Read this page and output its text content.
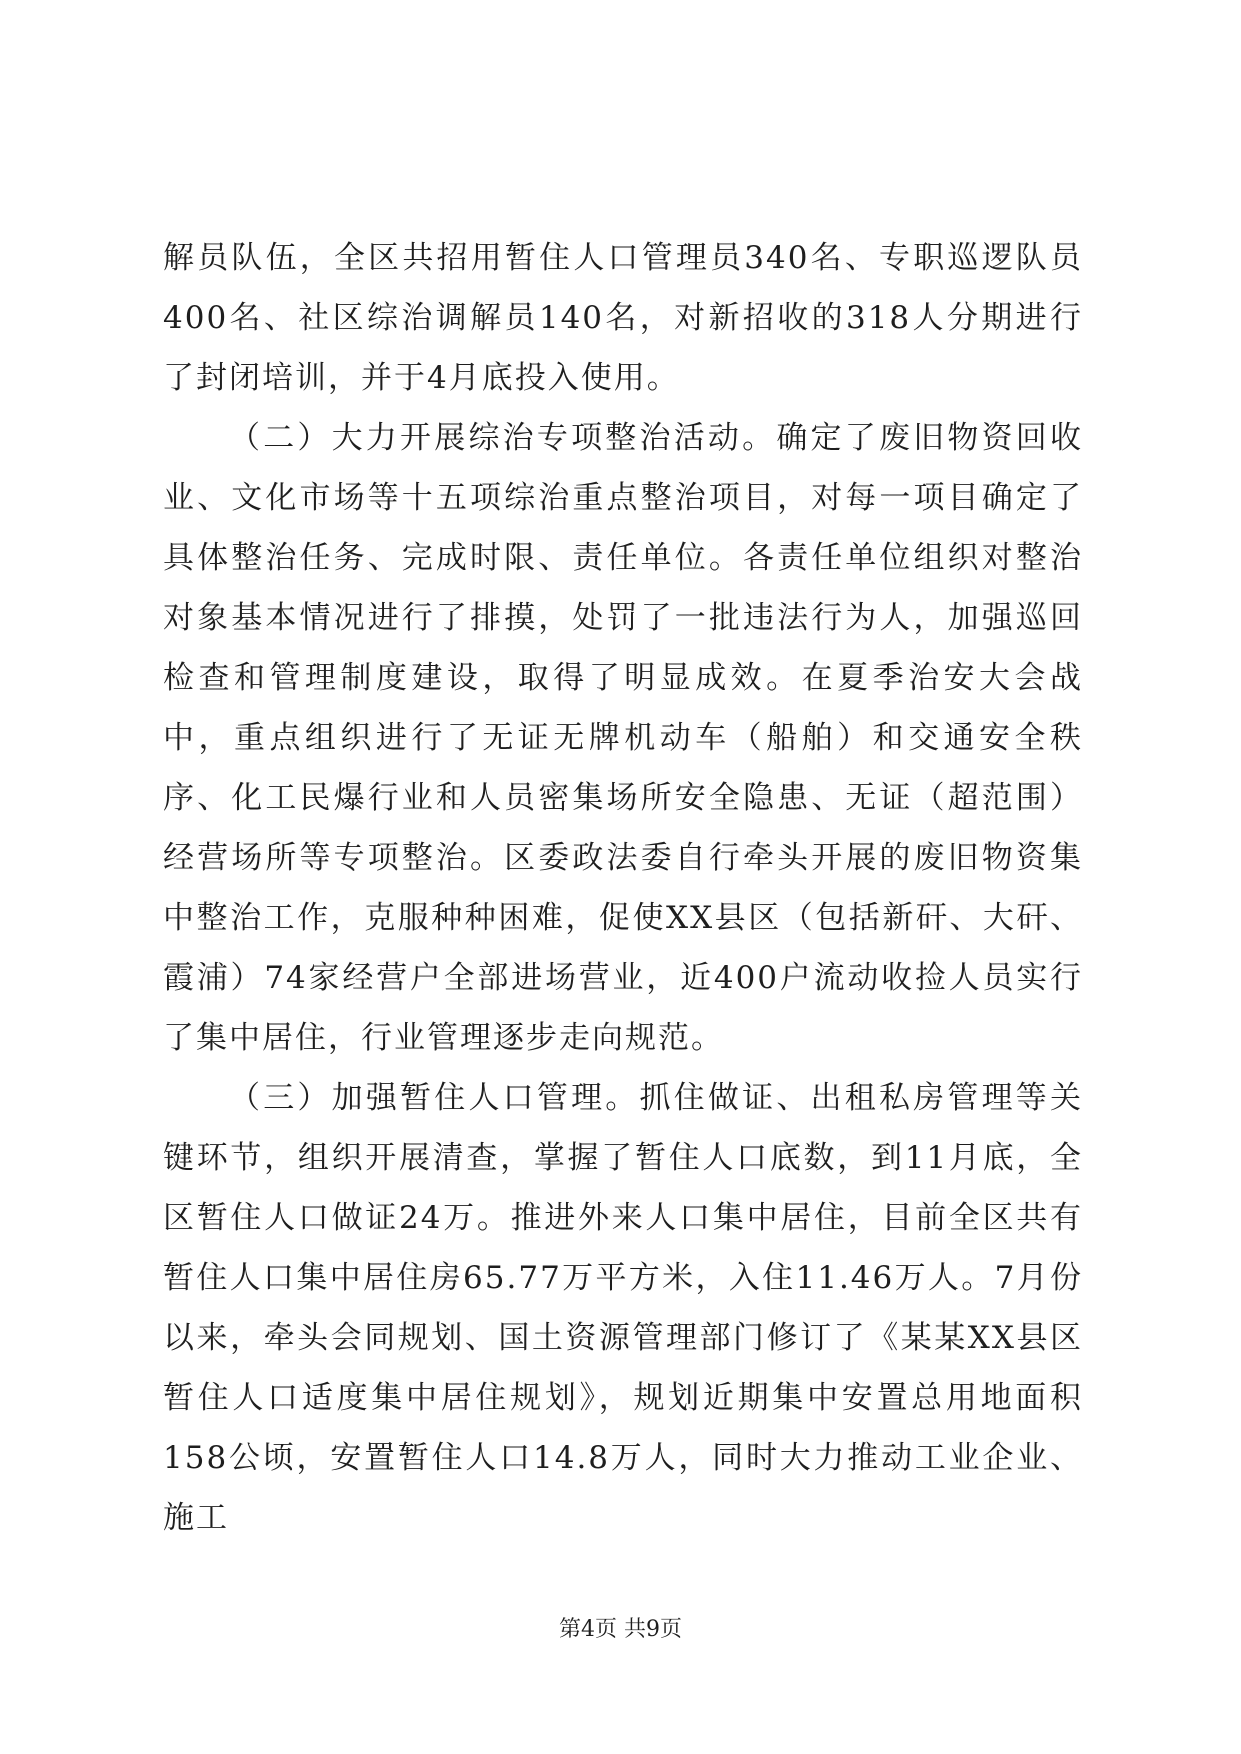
解员队伍，全区共招用暂住人口管理员340名、专职巡逻队员400名、社区综治调解员140名，对新招收的318人分期进行了封闭培训，并于4月底投入使用。

（二）大力开展综治专项整治活动。确定了废旧物资回收业、文化市场等十五项综治重点整治项目，对每一项目确定了具体整治任务、完成时限、责任单位。各责任单位组织对整治对象基本情况进行了排摸，处罚了一批违法行为人，加强巡回检查和管理制度建设，取得了明显成效。在夏季治安大会战中，重点组织进行了无证无牌机动车（船舶）和交通安全秩序、化工民爆行业和人员密集场所安全隐患、无证（超范围）经营场所等专项整治。区委政法委自行牵头开展的废旧物资集中整治工作，克服种种困难，促使XX县区（包括新矸、大矸、霞浦）74家经营户全部进场营业，近400户流动收捡人员实行了集中居住，行业管理逐步走向规范。

（三）加强暂住人口管理。抓住做证、出租私房管理等关键环节，组织开展清查，掌握了暂住人口底数，到11月底，全区暂住人口做证24万。推进外来人口集中居住，目前全区共有暂住人口集中居住房65.77万平方米，入住11.46万人。7月份以来，牵头会同规划、国土资源管理部门修订了《某某XX县区暂住人口适度集中居住规划》，规划近期集中安置总用地面积158公顷，安置暂住人口14.8万人，同时大力推动工业企业、施工

第4页 共9页
